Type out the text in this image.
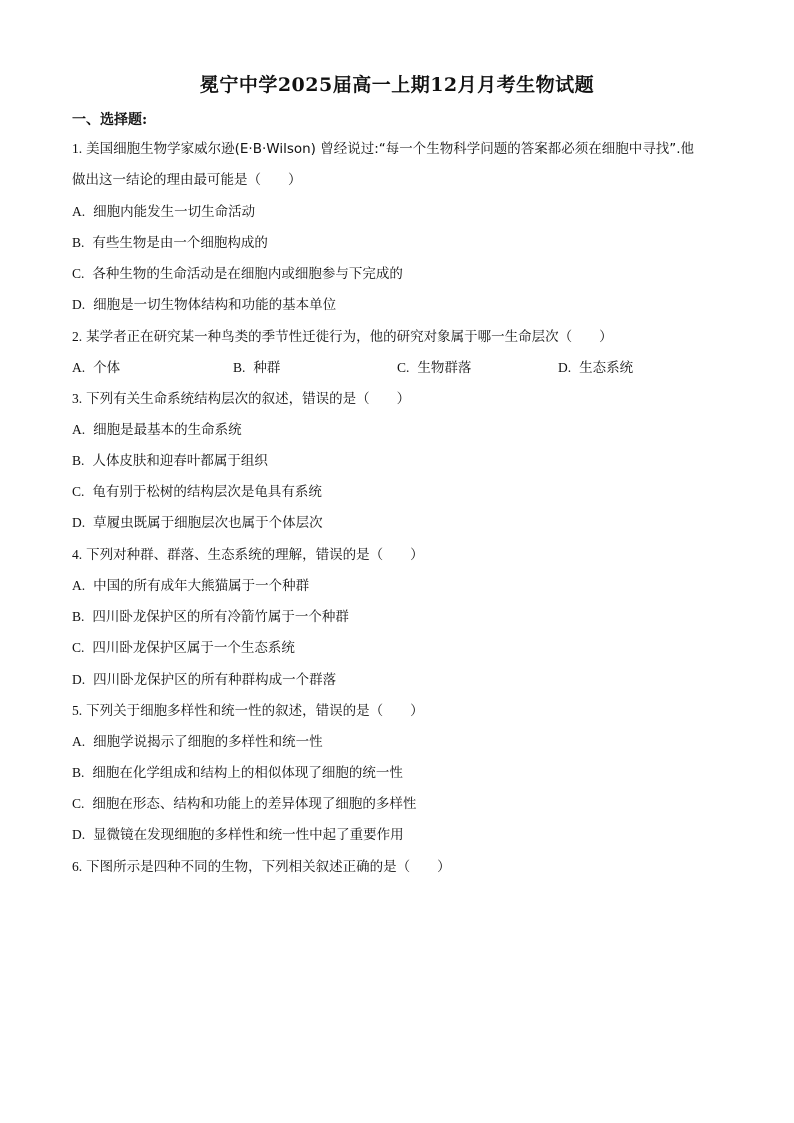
冕宁中学2025届高一上期12月月考生物试题
一、选择题:
1. 美国细胞生物学家威尔逊(E·B·Wilson) 曾经说过:“每一个生物科学问题的答案都必须在细胞中寻找”.他
做出这一结论的理由最可能是（　　）
A. 细胞内能发生一切生命活动
B. 有些生物是由一个细胞构成的
C. 各种生物的生命活动是在细胞内或细胞参与下完成的
D. 细胞是一切生物体结构和功能的基本单位
2. 某学者正在研究某一种鸟类的季节性迁徙行为，他的研究对象属于哪一生命层次（　　）
A. 个体	B. 种群	C. 生物群落	D. 生态系统
3. 下列有关生命系统结构层次的叙述，错误的是（　　）
A. 细胞是最基本的生命系统
B. 人体皮肤和迎春叶都属于组织
C. 龟有别于松树的结构层次是龟具有系统
D. 草履虫既属于细胞层次也属于个体层次
4. 下列对种群、群落、生态系统的理解，错误的是（　　）
A. 中国的所有成年大熊猫属于一个种群
B. 四川卧龙保护区的所有冷箭竹属于一个种群
C. 四川卧龙保护区属于一个生态系统
D. 四川卧龙保护区的所有种群构成一个群落
5. 下列关于细胞多样性和统一性的叙述，错误的是（　　）
A. 细胞学说揭示了细胞的多样性和统一性
B. 细胞在化学组成和结构上的相似体现了细胞的统一性
C. 细胞在形态、结构和功能上的差异体现了细胞的多样性
D. 显微镜在发现细胞的多样性和统一性中起了重要作用
6. 下图所示是四种不同的生物，下列相关叙述正确的是（　　）
